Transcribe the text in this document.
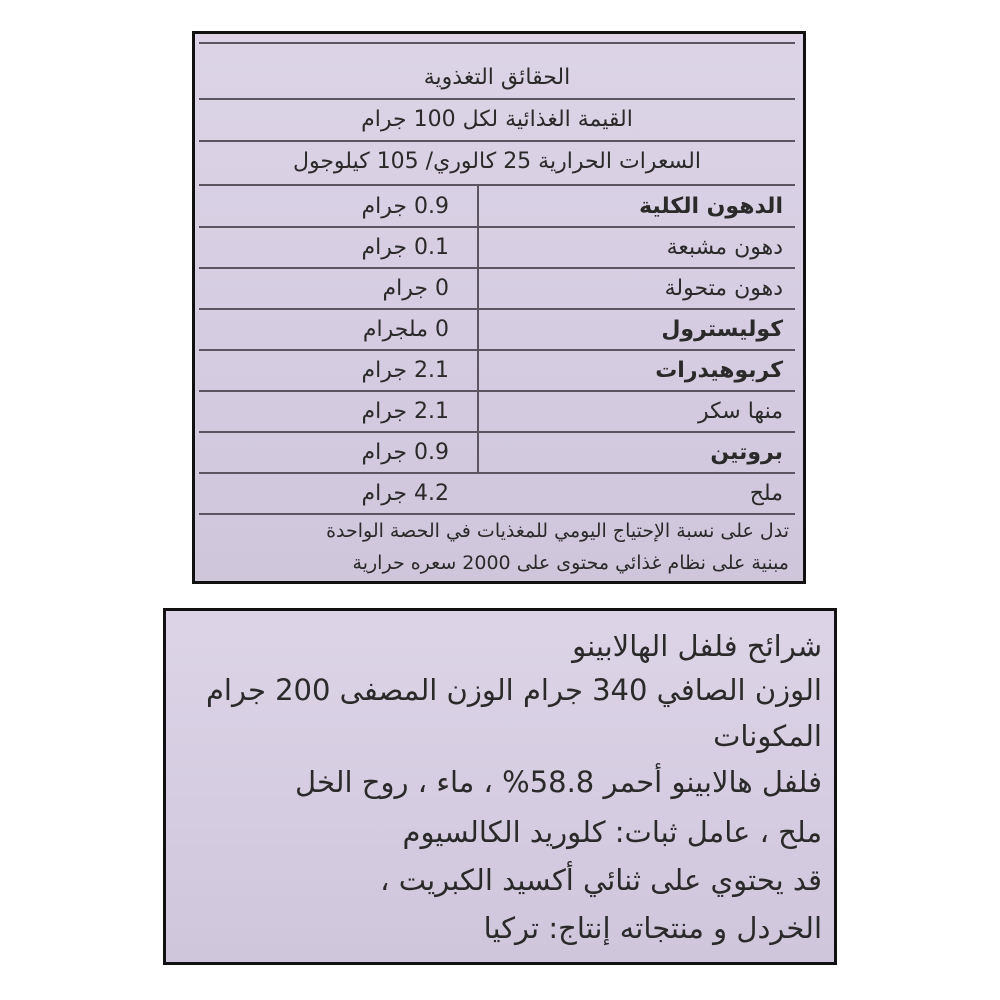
الحقائق التغذوية
القيمة الغذائية لكل 100 جرام
السعرات الحرارية 25 كالوري/ 105 كيلوجول
الدهون الكلية
0.9 جرام
دهون مشبعة
0.1 جرام
دهون متحولة
0 جرام
كوليسترول
0 ملجرام
كربوهيدرات
2.1 جرام
منها سكر
2.1 جرام
بروتين
0.9 جرام
ملح
4.2 جرام
تدل على نسبة الإحتياج اليومي للمغذيات في الحصة الواحدة
مبنية على نظام غذائي محتوى على 2000 سعره حرارية
شرائح فلفل الهالابينو
الوزن الصافي 340 جرام الوزن المصفى 200 جرام
المكونات
فلفل هالابينو أحمر 58.8% ، ماء ، روح الخل
ملح ، عامل ثبات: كلوريد الكالسيوم
قد يحتوي على ثنائي أكسيد الكبريت ،
الخردل و منتجاته إنتاج: تركيا
